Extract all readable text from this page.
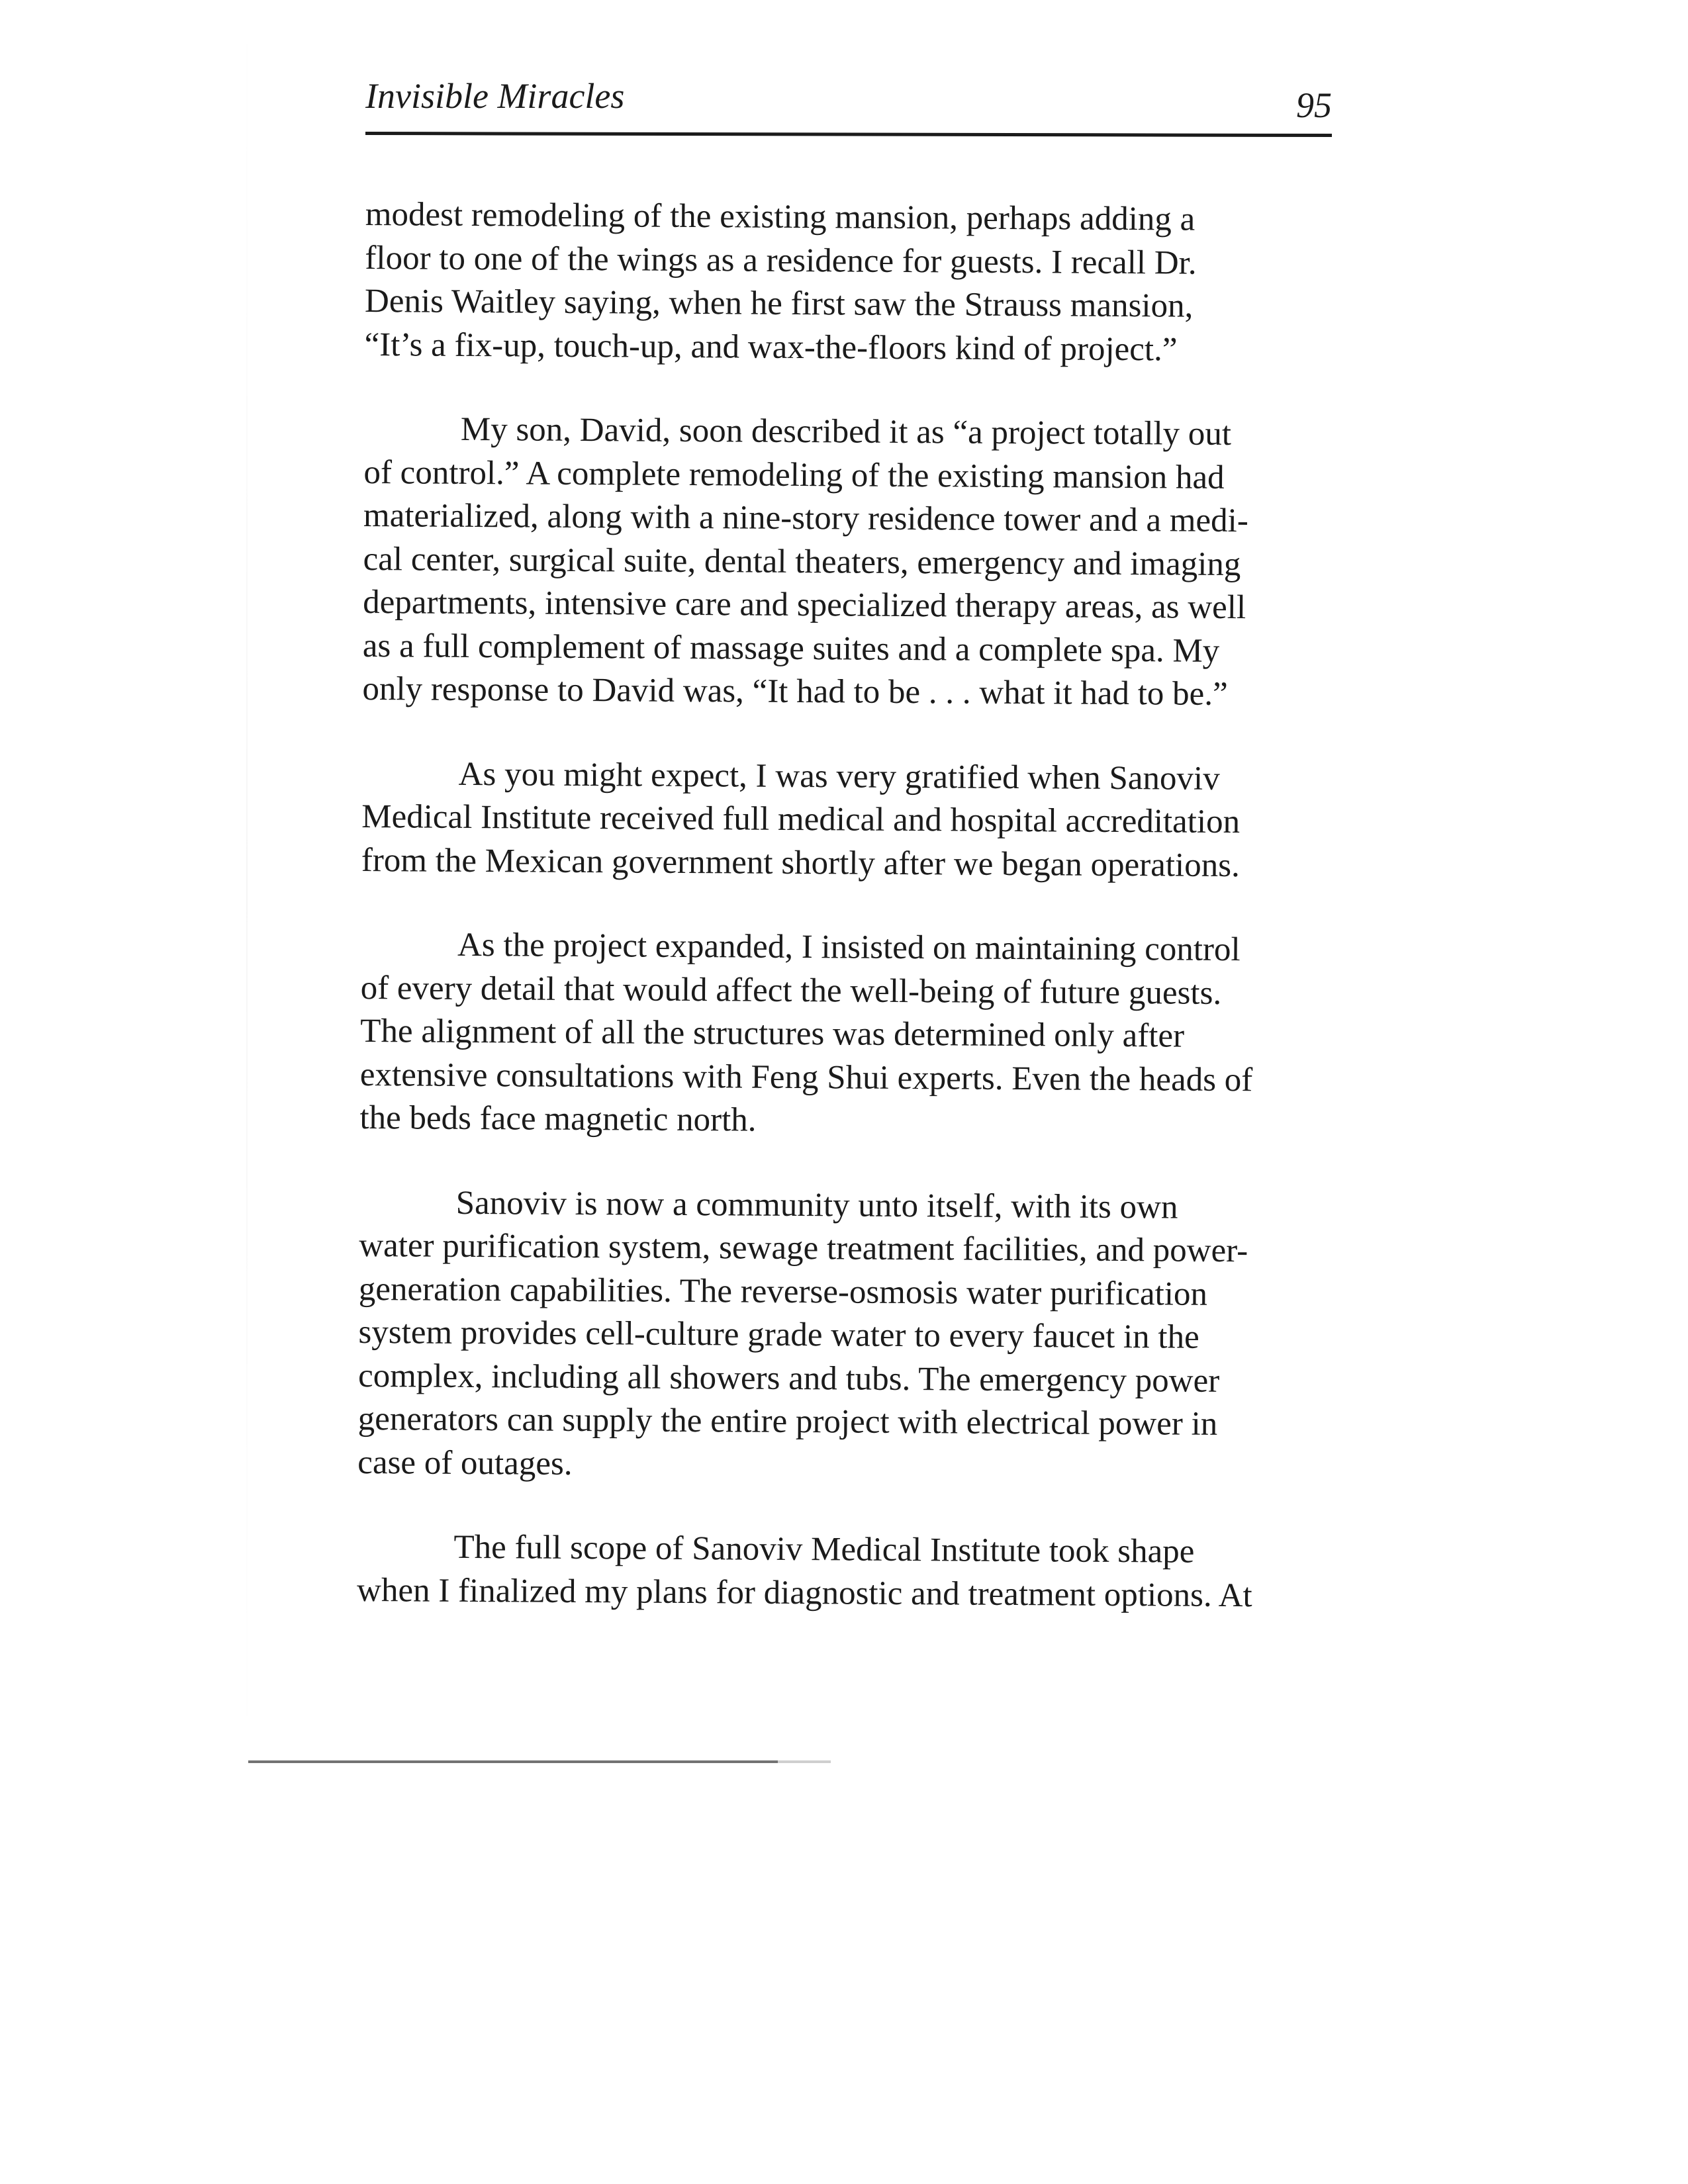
Invisible Miracles	95
modest remodeling of the existing mansion, perhaps adding a
floor to one of the wings as a residence for guests. I recall Dr.
Denis Waitley saying, when he first saw the Strauss mansion,
“It’s a fix-up, touch-up, and wax-the-floors kind of project.”
My son, David, soon described it as “a project totally out
of control.” A complete remodeling of the existing mansion had
materialized, along with a nine-story residence tower and a medi-
cal center, surgical suite, dental theaters, emergency and imaging
departments, intensive care and specialized therapy areas, as well
as a full complement of massage suites and a complete spa. My
only response to David was, “It had to be . . . what it had to be.”
As you might expect, I was very gratified when Sanoviv
Medical Institute received full medical and hospital accreditation
from the Mexican government shortly after we began operations.
As the project expanded, I insisted on maintaining control
of every detail that would affect the well-being of future guests.
The alignment of all the structures was determined only after
extensive consultations with Feng Shui experts. Even the heads of
the beds face magnetic north.
Sanoviv is now a community unto itself, with its own
water purification system, sewage treatment facilities, and power-
generation capabilities. The reverse-osmosis water purification
system provides cell-culture grade water to every faucet in the
complex, including all showers and tubs. The emergency power
generators can supply the entire project with electrical power in
case of outages.
The full scope of Sanoviv Medical Institute took shape
when I finalized my plans for diagnostic and treatment options. At
